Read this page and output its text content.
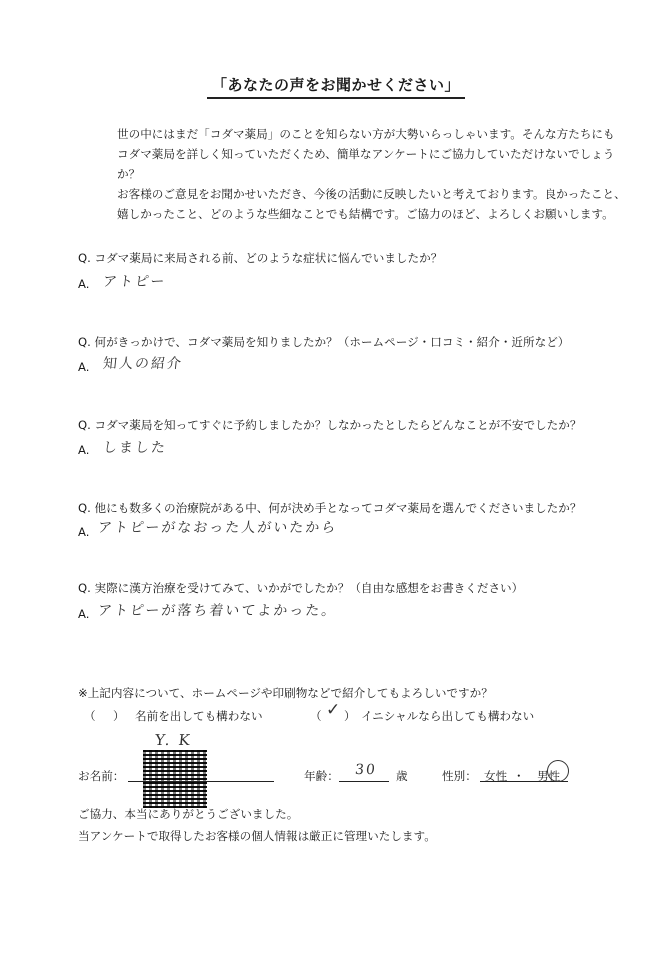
「あなたの声をお聞かせください」

世の中にはまだ「コダマ薬局」のことを知らない方が大勢いらっしゃいます。そんな方たちにも

コダマ薬局を詳しく知っていただくため、簡単なアンケートにご協力していただけないでしょう

か？

お客様のご意見をお聞かせいただき、今後の活動に反映したいと考えております。良かったこと、

嬉しかったこと、どのような些細なことでも結構です。ご協力のほど、よろしくお願いします。

Q. コダマ薬局に来局される前、どのような症状に悩んでいましたか？
A. アトピー
Q. 何がきっかけで、コダマ薬局を知りましたか？（ホームページ・口コミ・紹介・近所など）
A. 知人の紹介
Q. コダマ薬局を知ってすぐに予約しましたか？しなかったとしたらどんなことが不安でしたか？
A. しました
Q. 他にも数多くの治療院がある中、何が決め手となってコダマ薬局を選んでくださいましたか？
A. アトピーがなおった人がいたから
Q. 実際に漢方治療を受けてみて、いかがでしたか？（自由な感想をお書きください）
A. アトピーが落ち着いてよかった。
※上記内容について、ホームページや印刷物などで紹介してもよろしいですか？
（ ） 名前を出しても構わない	（ ✓ ） イニシャルなら出しても構わない
Y. K
お名前：	年齢： 30 歳	性別： 女性 ・ 男性
ご協力、本当にありがとうございました。
当アンケートで取得したお客様の個人情報は厳正に管理いたします。
